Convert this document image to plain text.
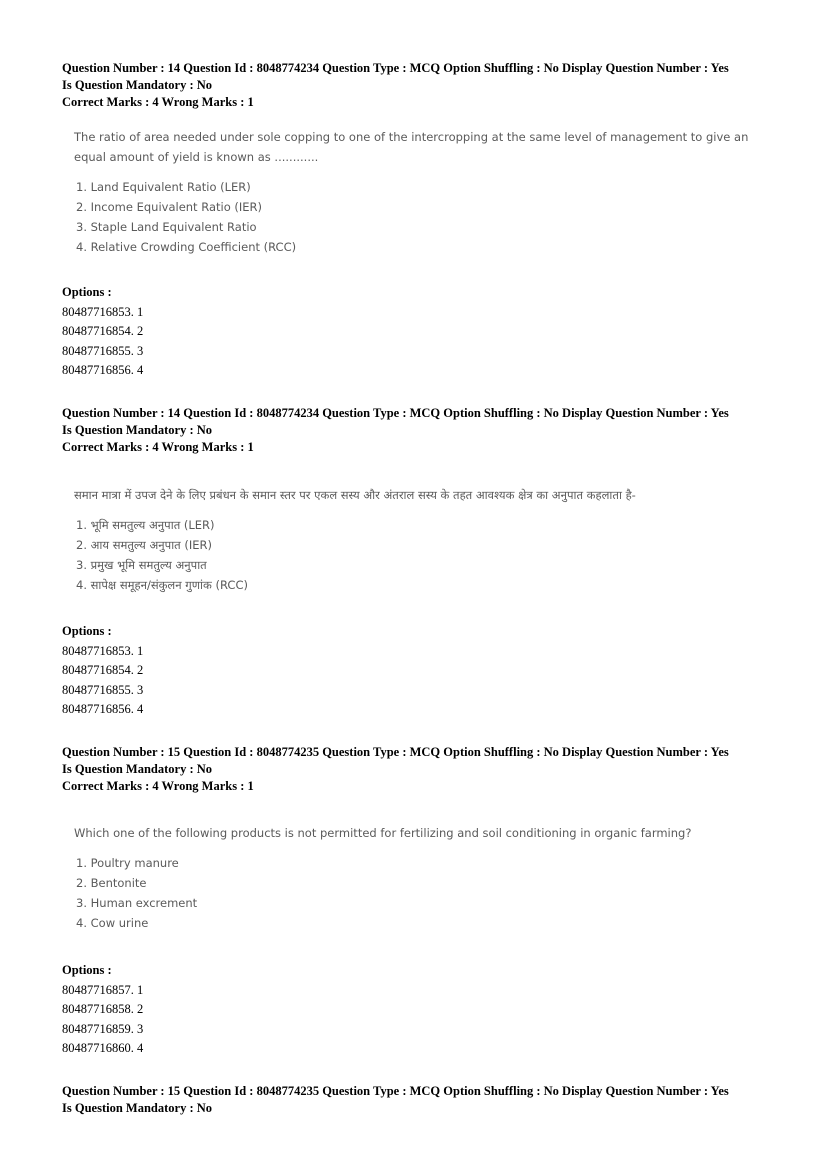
Question Number : 14 Question Id : 8048774234 Question Type : MCQ Option Shuffling : No Display Question Number : Yes
Is Question Mandatory : No
Correct Marks : 4 Wrong Marks : 1
The ratio of area needed under sole copping to one of the intercropping at the same level of management to give an equal amount of yield is known as ............
1. Land Equivalent Ratio (LER)
2. Income Equivalent Ratio (IER)
3. Staple Land Equivalent Ratio
4. Relative Crowding Coefficient (RCC)
Options :
80487716853. 1
80487716854. 2
80487716855. 3
80487716856. 4
Question Number : 14 Question Id : 8048774234 Question Type : MCQ Option Shuffling : No Display Question Number : Yes
Is Question Mandatory : No
Correct Marks : 4 Wrong Marks : 1
समान मात्रा में उपज देने के लिए प्रबंधन के समान स्तर पर एकल सस्य और अंतराल सस्य के तहत आवश्यक क्षेत्र का अनुपात कहलाता है-
1. भूमि समतुल्य अनुपात (LER)
2. आय समतुल्य अनुपात (IER)
3. प्रमुख भूमि समतुल्य अनुपात
4. सापेक्ष समूहन/संकुलन गुणांक (RCC)
Options :
80487716853. 1
80487716854. 2
80487716855. 3
80487716856. 4
Question Number : 15 Question Id : 8048774235 Question Type : MCQ Option Shuffling : No Display Question Number : Yes
Is Question Mandatory : No
Correct Marks : 4 Wrong Marks : 1
Which one of the following products is not permitted for fertilizing and soil conditioning in organic farming?
1. Poultry manure
2. Bentonite
3. Human excrement
4. Cow urine
Options :
80487716857. 1
80487716858. 2
80487716859. 3
80487716860. 4
Question Number : 15 Question Id : 8048774235 Question Type : MCQ Option Shuffling : No Display Question Number : Yes
Is Question Mandatory : No
